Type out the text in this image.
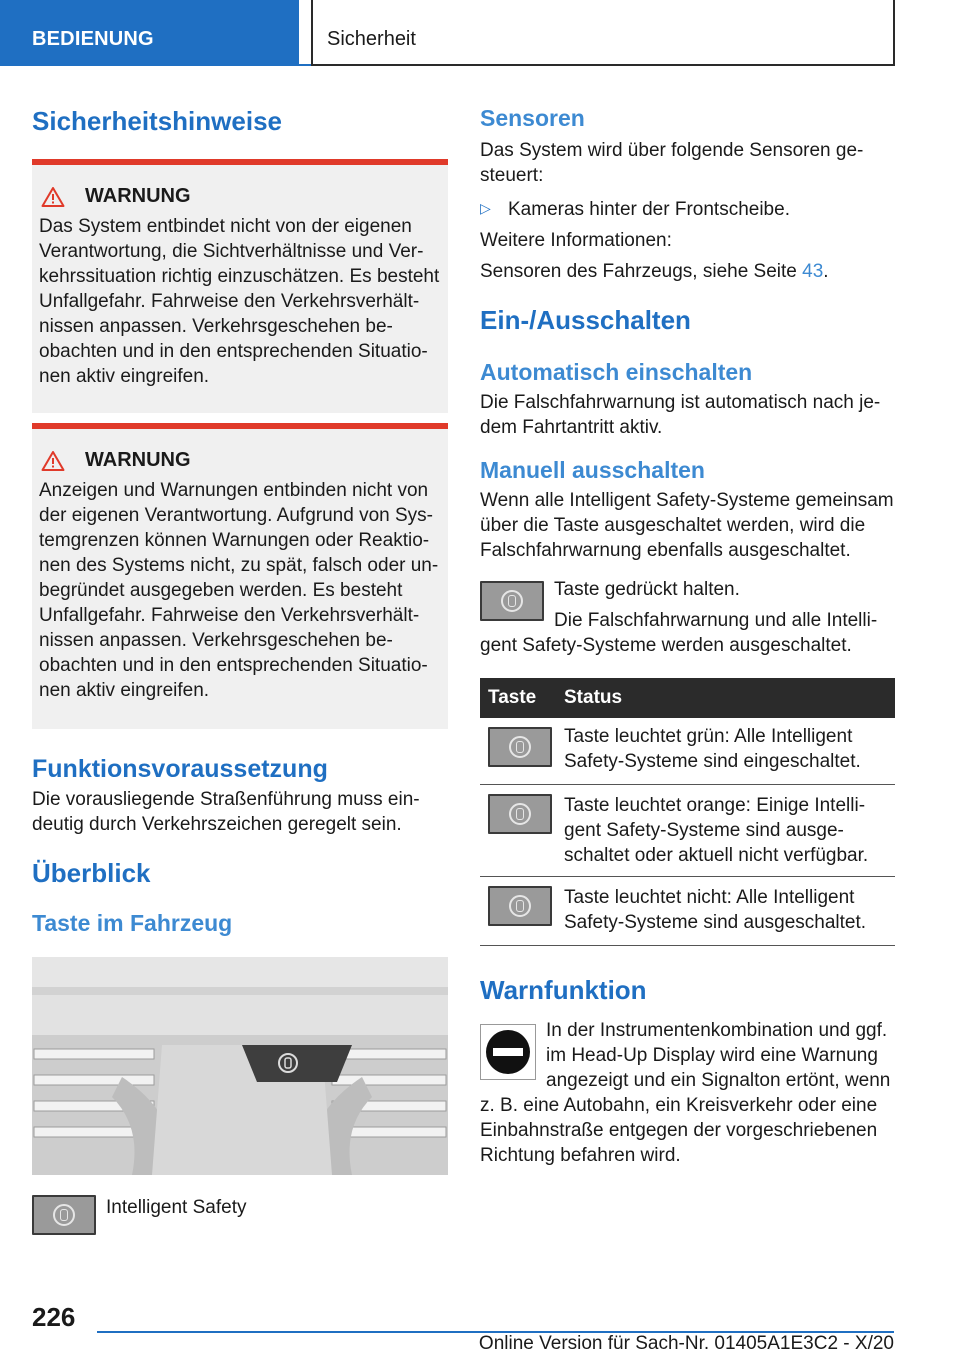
BEDIENUNG	Sicherheit
Sicherheitshinweise
WARNUNG
Das System entbindet nicht von der eigenen Verantwortung, die Sichtverhältnisse und Verkehrssituation richtig einzuschätzen. Es besteht Unfallgefahr. Fahrweise den Verkehrsverhältnissen anpassen. Verkehrsgeschehen beobachten und in den entsprechenden Situationen aktiv eingreifen.
WARNUNG
Anzeigen und Warnungen entbinden nicht von der eigenen Verantwortung. Aufgrund von Systemgrenzen können Warnungen oder Reaktionen des Systems nicht, zu spät, falsch oder unbegründet ausgegeben werden. Es besteht Unfallgefahr. Fahrweise den Verkehrsverhältnissen anpassen. Verkehrsgeschehen beobachten und in den entsprechenden Situationen aktiv eingreifen.
Funktionsvoraussetzung
Die vorausliegende Straßenführung muss eindeutig durch Verkehrszeichen geregelt sein.
Überblick
Taste im Fahrzeug
Intelligent Safety
Sensoren
Das System wird über folgende Sensoren gesteuert:
▷ Kameras hinter der Frontscheibe.
Weitere Informationen:
Sensoren des Fahrzeugs, siehe Seite 43.
Ein-/Ausschalten
Automatisch einschalten
Die Falschfahrwarnung ist automatisch nach jedem Fahrtantritt aktiv.
Manuell ausschalten
Wenn alle Intelligent Safety-Systeme gemeinsam über die Taste ausgeschaltet werden, wird die Falschfahrwarnung ebenfalls ausgeschaltet.
Taste gedrückt halten.
Die Falschfahrwarnung und alle Intelligent Safety-Systeme werden ausgeschaltet.
Taste	Status

	Taste leuchtet grün: Alle Intelligent Safety-Systeme sind eingeschaltet.

	Taste leuchtet orange: Einige Intelligent Safety-Systeme sind ausgeschaltet oder aktuell nicht verfügbar.

	Taste leuchtet nicht: Alle Intelligent Safety-Systeme sind ausgeschaltet.
Warnfunktion
In der Instrumentenkombination und ggf. im Head-Up Display wird eine Warnung angezeigt und ein Signalton ertönt, wenn z. B. eine Autobahn, ein Kreisverkehr oder eine Einbahnstraße entgegen der vorgeschriebenen Richtung befahren wird.
226
Online Version für Sach-Nr. 01405A1E3C2 - X/20
